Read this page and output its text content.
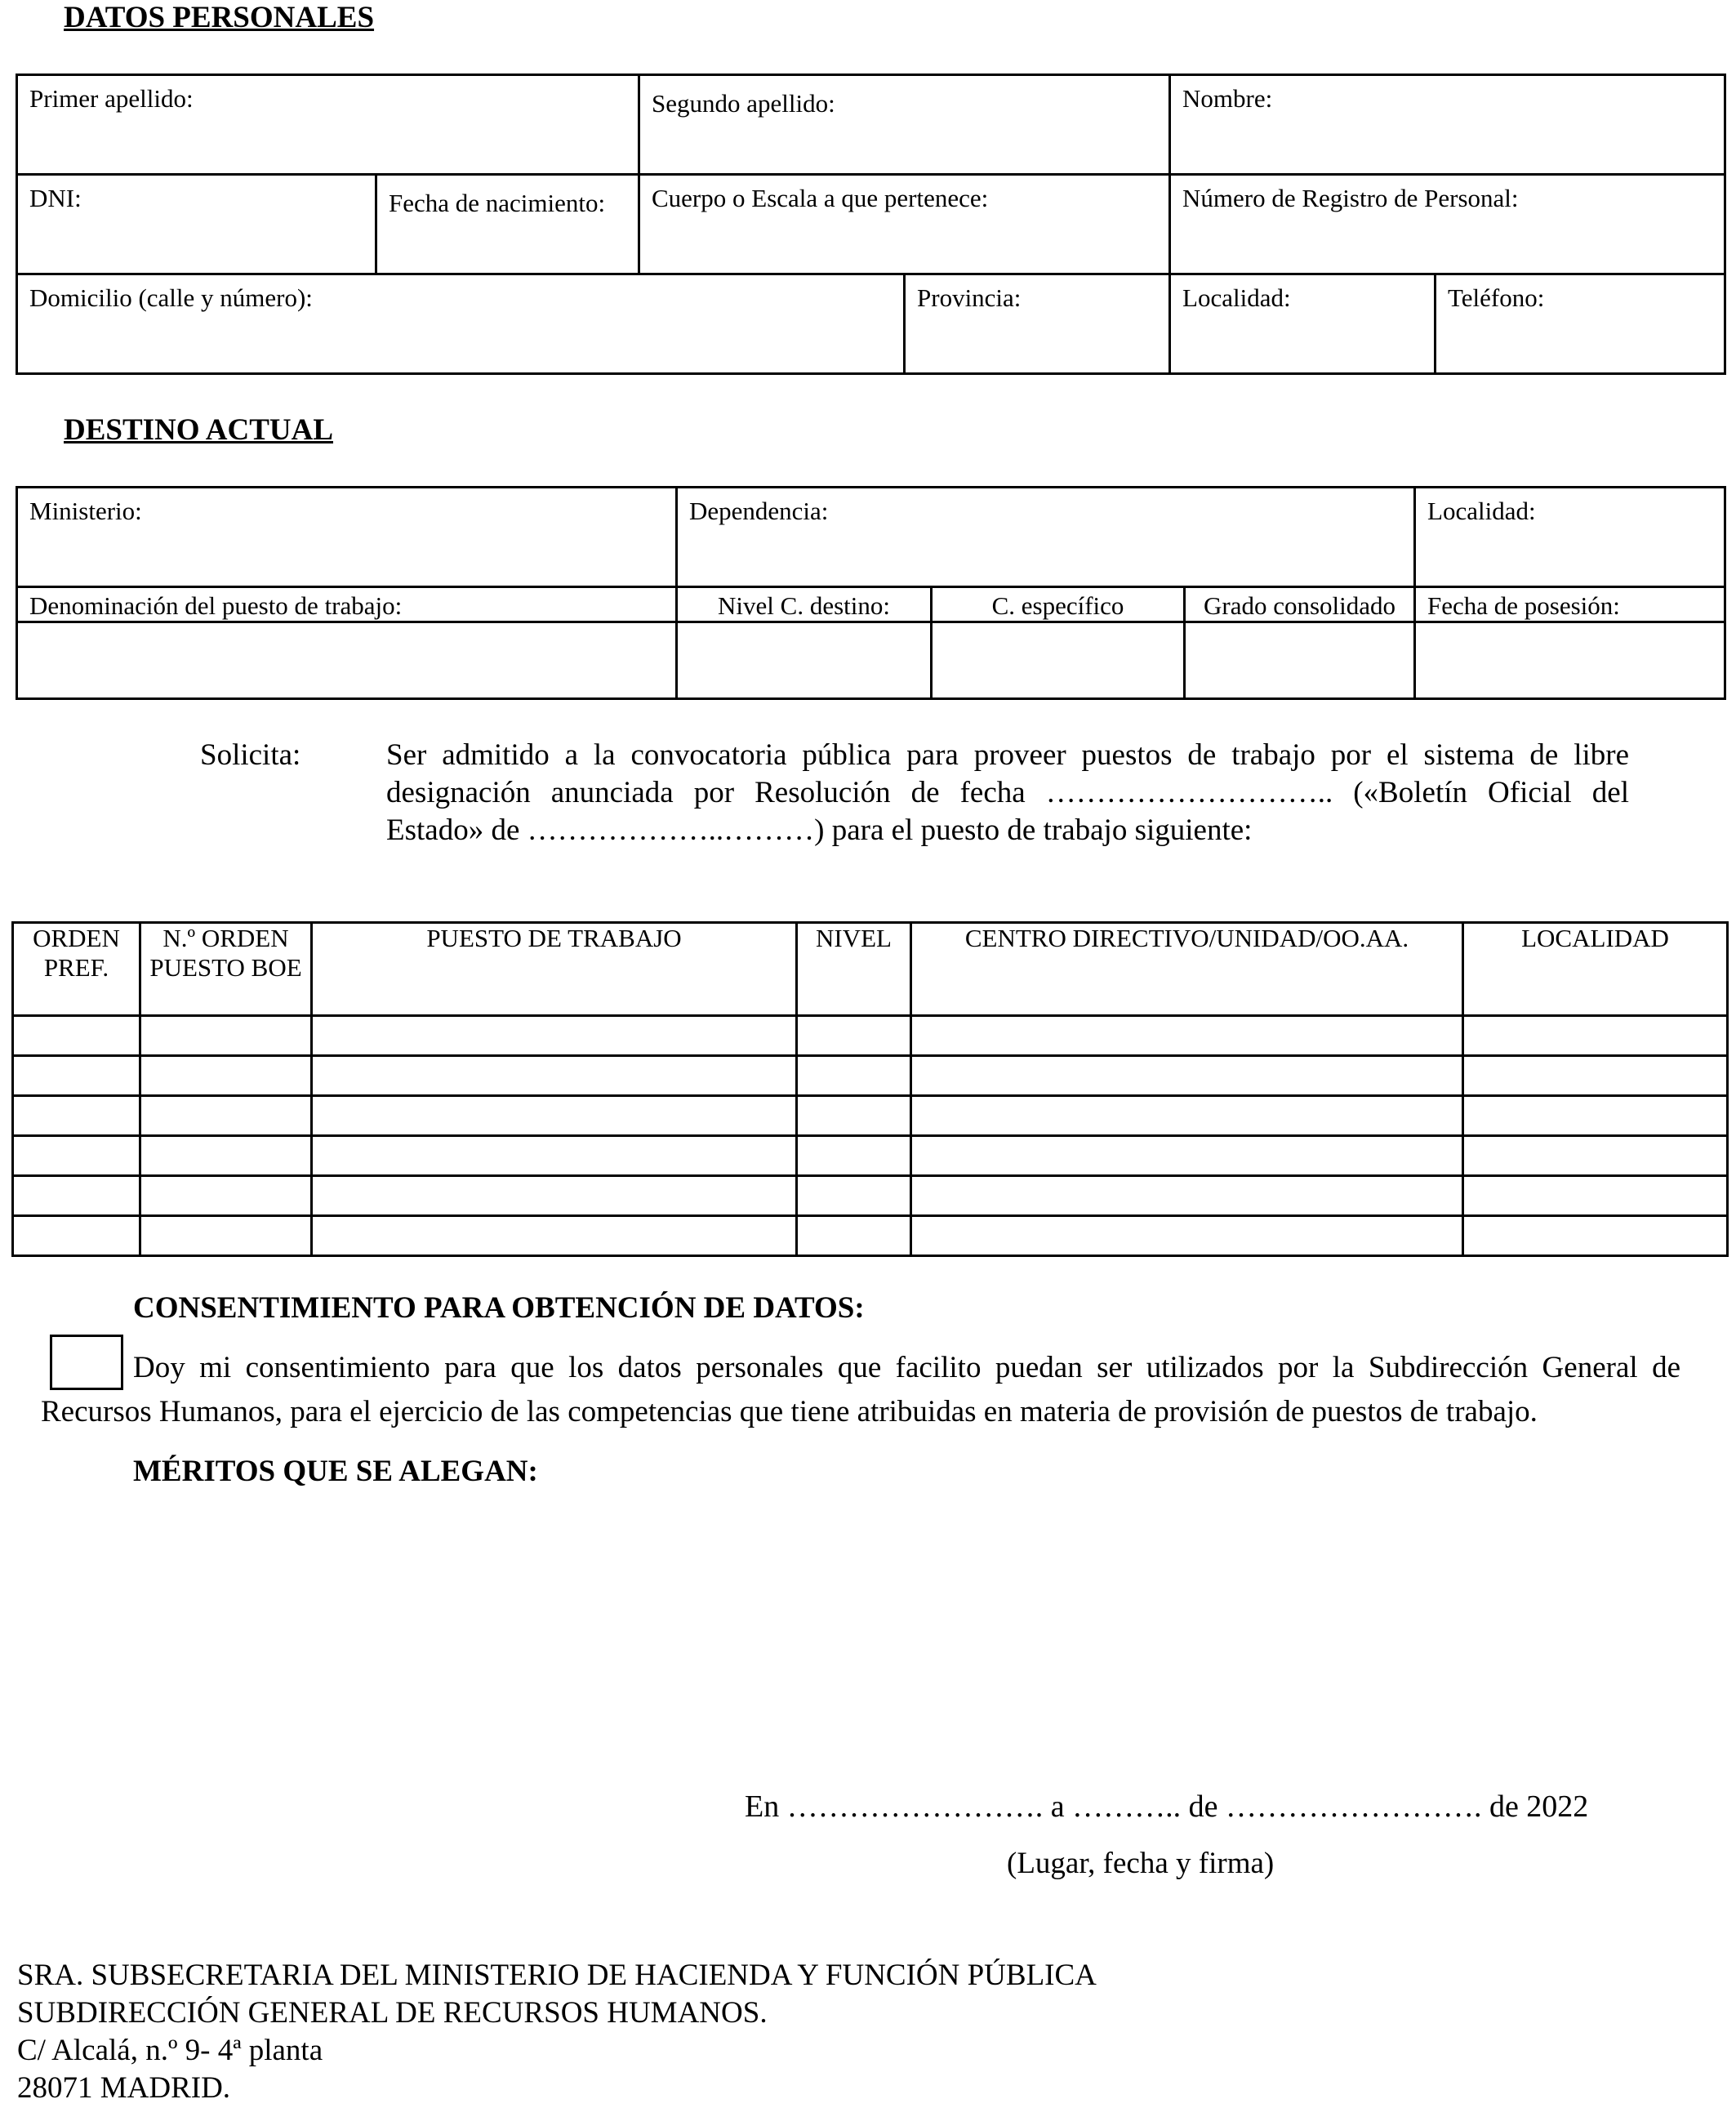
DATOS PERSONALES
Primer apellido:		Segundo apellido:		Nombre:	

DNI:	Fecha de nacimiento:	Cuerpo o Escala a que pertenece:		Número de Registro de Personal:	

Domicilio (calle y número):			Provincia:	Localidad:	Teléfono:
DESTINO ACTUAL
Ministerio:	Dependencia:			Localidad:

Denominación del puesto de trabajo:	Nivel C. destino:	C. específico	Grado consolidado	Fecha de posesión:

Solicita:	Ser admitido a la convocatoria pública para proveer puestos de trabajo por el sistema de libre
designación anunciada por Resolución de fecha ……………………….. («Boletín Oficial del
Estado» de ………………..………) para el puesto de trabajo siguiente:
ORDEN PREF.	N.º ORDEN PUESTO BOE	PUESTO DE TRABAJO	NIVEL	CENTRO DIRECTIVO/UNIDAD/OO.AA.	LOCALIDAD

CONSENTIMIENTO PARA OBTENCIÓN DE DATOS:
Doy mi consentimiento para que los datos personales que facilito puedan ser utilizados por la Subdirección General de
Recursos Humanos, para el ejercicio de las competencias que tiene atribuidas en materia de provisión de puestos de trabajo.
MÉRITOS QUE SE ALEGAN:
En ……………………. a ……….. de ……………………. de 2022
(Lugar, fecha y firma)
SRA. SUBSECRETARIA DEL MINISTERIO DE HACIENDA Y FUNCIÓN PÚBLICA
SUBDIRECCIÓN GENERAL DE RECURSOS HUMANOS.
C/ Alcalá, n.º 9- 4ª planta
28071 MADRID.
